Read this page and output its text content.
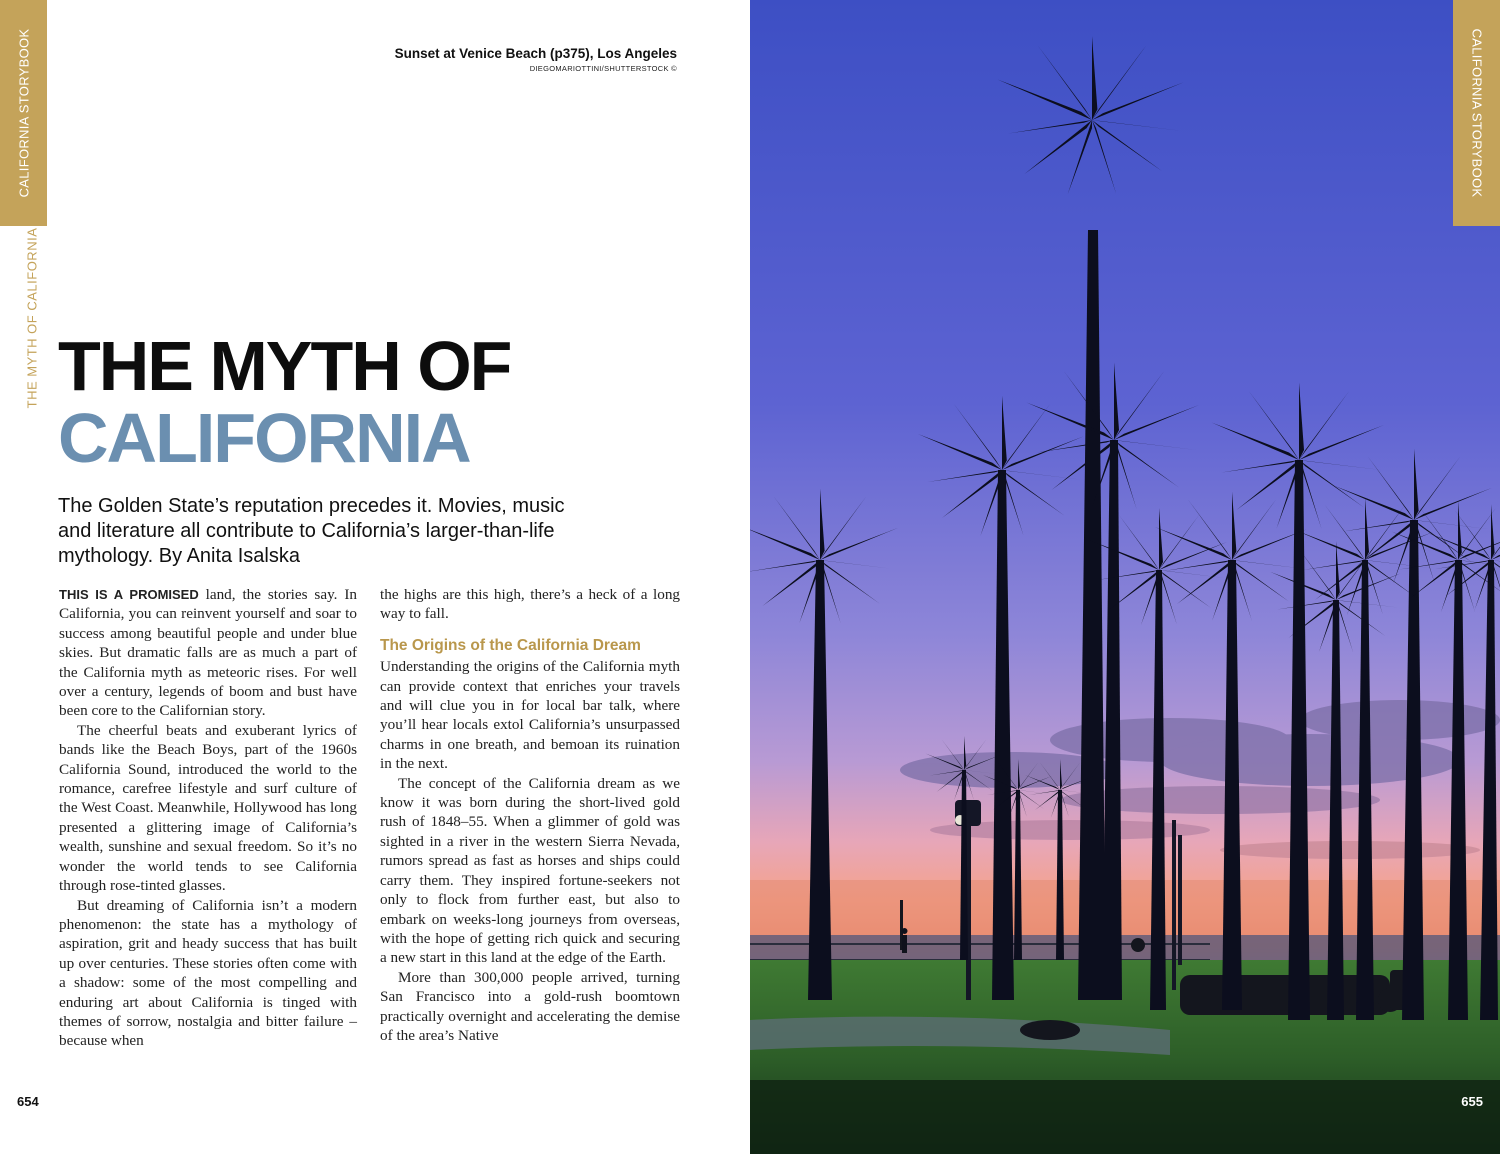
CALIFORNIA STORYBOOK
THE MYTH OF CALIFORNIA
Sunset at Venice Beach (p375), Los Angeles
DIEGOMARIOTTINI/SHUTTERSTOCK ©
THE MYTH OF
CALIFORNIA

The Golden State’s reputation precedes it. Movies, music and literature all contribute to California’s larger-than-life mythology. By Anita Isalska

THIS IS A PROMISED land, the stories say. In California, you can reinvent yourself and soar to success among beautiful people and under blue skies. But dramatic falls are as much a part of the California myth as meteoric rises. For well over a century, legends of boom and bust have been core to the Californian story.

The cheerful beats and exuberant lyrics of bands like the Beach Boys, part of the 1960s California Sound, introduced the world to the romance, carefree lifestyle and surf culture of the West Coast. Meanwhile, Hollywood has long presented a glittering image of California’s wealth, sunshine and sexual freedom. So it’s no wonder the world tends to see California through rose-tinted glasses.

But dreaming of California isn’t a modern phenomenon: the state has a mythology of aspiration, grit and heady success that has built up over centuries. These stories often come with a shadow: some of the most compelling and enduring art about California is tinged with themes of sorrow, nostalgia and bitter failure – because when

the highs are this high, there’s a heck of a long way to fall.

The Origins of the California Dream

Understanding the origins of the California myth can provide context that enriches your travels and will clue you in for local bar talk, where you’ll hear locals extol California’s unsurpassed charms in one breath, and bemoan its ruination in the next.

The concept of the California dream as we know it was born during the short-lived gold rush of 1848–55. When a glimmer of gold was sighted in a river in the western Sierra Nevada, rumors spread as fast as horses and ships could carry them. They inspired fortune-seekers not only to flock from further east, but also to embark on weeks-long journeys from overseas, with the hope of getting rich quick and securing a new start in this land at the edge of the Earth.

More than 300,000 people arrived, turning San Francisco into a gold-rush boomtown practically overnight and accelerating the demise of the area’s Native

654
CALIFORNIA STORYBOOK
655
